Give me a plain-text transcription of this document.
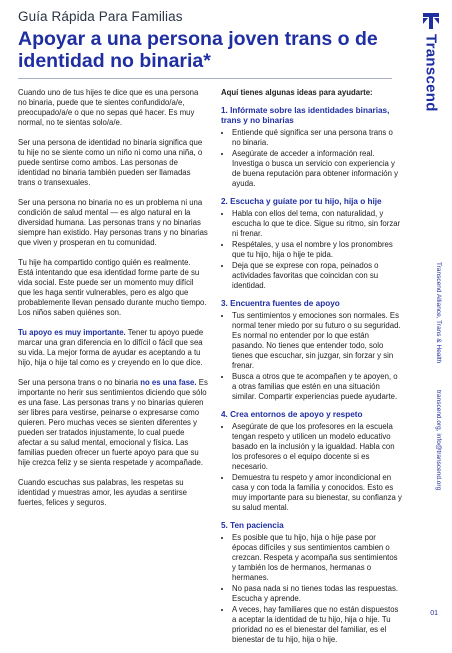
Guía Rápida Para Familias
Apoyar a una persona joven trans o de identidad no binaria*	Transcend
Transcend Alliance, Trans & Health
transcend.org, info@transcend.org
01

Cuando uno de tus hijes te dice que es una persona no binaria, puede que te sientes confundido/a/e, preocupado/a/e o que no sepas qué hacer. Es muy normal, no te sientas solo/a/e.

Ser una persona de identidad no binaria significa que tu hije no se siente como un niño ni como una niña, o puede sentirse como ambos. Las personas de identidad no binaria también pueden ser llamadas trans o transexuales.

Ser una persona no binaria no es un problema ni una condición de salud mental — es algo natural en la diversidad humana. Las personas trans y no binarias siempre han existido. Hay personas trans y no binarias que viven y prosperan en tu comunidad.

Tu hije ha compartido contigo quién es realmente. Está intentando que esa identidad forme parte de su vida social. Este puede ser un momento muy difícil que les haga sentir vulnerables, pero es algo que probablemente llevan pensado durante mucho tiempo. Los niños saben quiénes son.

Tu apoyo es muy importante. Tener tu apoyo puede marcar una gran diferencia en lo difícil o fácil que sea su vida. La mejor forma de ayudar es aceptando a tu hijo, hija o hije tal como es y creyendo en lo que dice.

Ser una persona trans o no binaria no es una fase. Es importante no herir sus sentimientos diciendo que sólo es una fase. Las personas trans y no binarias quieren ser libres para vestirse, peinarse o expresarse como quieren. Pero muchas veces se sienten diferentes y pueden ser tratados injustamente, lo cual puede afectar a su salud mental, emocional y física. Las familias pueden ofrecer un fuerte apoyo para que su hije crezca feliz y se sienta respetade y acompañade.

Cuando escuchas sus palabras, les respetas su identidad y muestras amor, les ayudas a sentirse fuertes, felices y seguros.

Aquí tienes algunas ideas para ayudarte:

1. Infórmate sobre las identidades binarias, trans y no binarias
• Entiende qué significa ser una persona trans o no binaria.
• Asegúrate de acceder a información real. Investiga o busca un servicio con experiencia y de buena reputación para obtener información y ayuda.
2. Escucha y guíate por tu hijo, hija o hije
• Habla con ellos del tema, con naturalidad, y escucha lo que te dice. Sigue su ritmo, sin forzar ni frenar.
• Respétales, y usa el nombre y los pronombres que tu hijo, hija o hije te pida.
• Deja que se exprese con ropa, peinados o actividades favoritas que coincidan con su identidad.
3. Encuentra fuentes de apoyo
• Tus sentimientos y emociones son normales. Es normal tener miedo por su futuro o su seguridad. Es normal no entender por lo que están pasando. No tienes que entender todo, solo tienes que escuchar, sin juzgar, sin forzar y sin frenar.
• Busca a otros que te acompañen y te apoyen, o a otras familias que estén en una situación similar. Compartir experiencias puede ayudarte.
4. Crea entornos de apoyo y respeto
• Asegúrate de que los profesores en la escuela tengan respeto y utilicen un modelo educativo basado en la inclusión y la igualdad. Habla con los profesores o el equipo docente si es necesario.
• Demuestra tu respeto y amor incondicional en casa y con toda la familia y conocidos. Esto es muy importante para su bienestar, su confianza y su salud mental.
5. Ten paciencia
• Es posible que tu hijo, hija o hije pase por épocas difíciles y sus sentimientos cambien o crezcan. Respeta y acompaña sus sentimientos y también los de hermanos, hermanas o hermanes.
• No pasa nada si no tienes todas las respuestas. Escucha y aprende.
• A veces, hay familiares que no están dispuestos a aceptar la identidad de tu hijo, hija o hije. Tu prioridad no es el bienestar del familiar, es el bienestar de tu hijo, hija o hije.
